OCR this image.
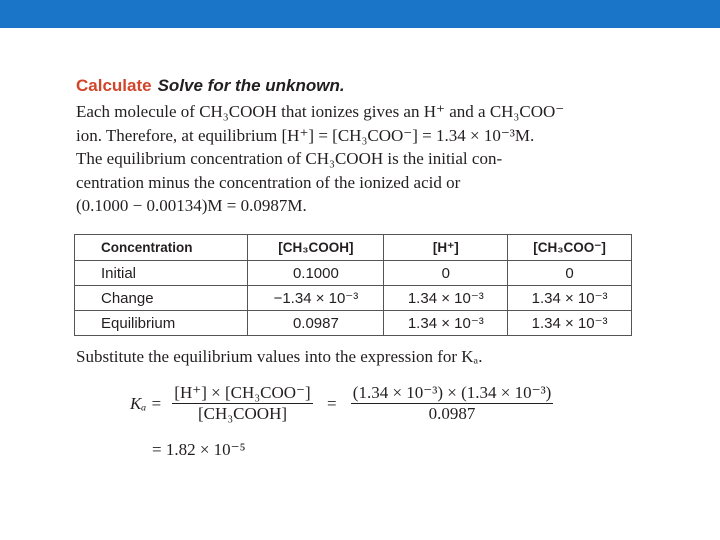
Calculate Solve for the unknown.
Each molecule of CH₃COOH that ionizes gives an H⁺ and a CH₃COO⁻
ion. Therefore, at equilibrium [H⁺] = [CH₃COO⁻] = 1.34 × 10⁻³M.
The equilibrium concentration of CH₃COOH is the initial con-
centration minus the concentration of the ionized acid or
(0.1000 − 0.00134)M = 0.0987M.
Concentration	[CH₃COOH]	[H⁺]	[CH₃COO⁻]
Initial	0.1000	0	0
Change	−1.34 × 10⁻³	1.34 × 10⁻³	1.34 × 10⁻³
Equilibrium	0.0987	1.34 × 10⁻³	1.34 × 10⁻³
Substitute the equilibrium values into the expression for Kₐ.
$K_a = \frac{\text{[H⁺] × [CH₃COO⁻]}}{\text{[CH₃COOH]}} = \frac{\text{(1.34 × 10⁻³) × (1.34 × 10⁻³)}}{0.0987}$
= 1.82 × 10⁻⁵
